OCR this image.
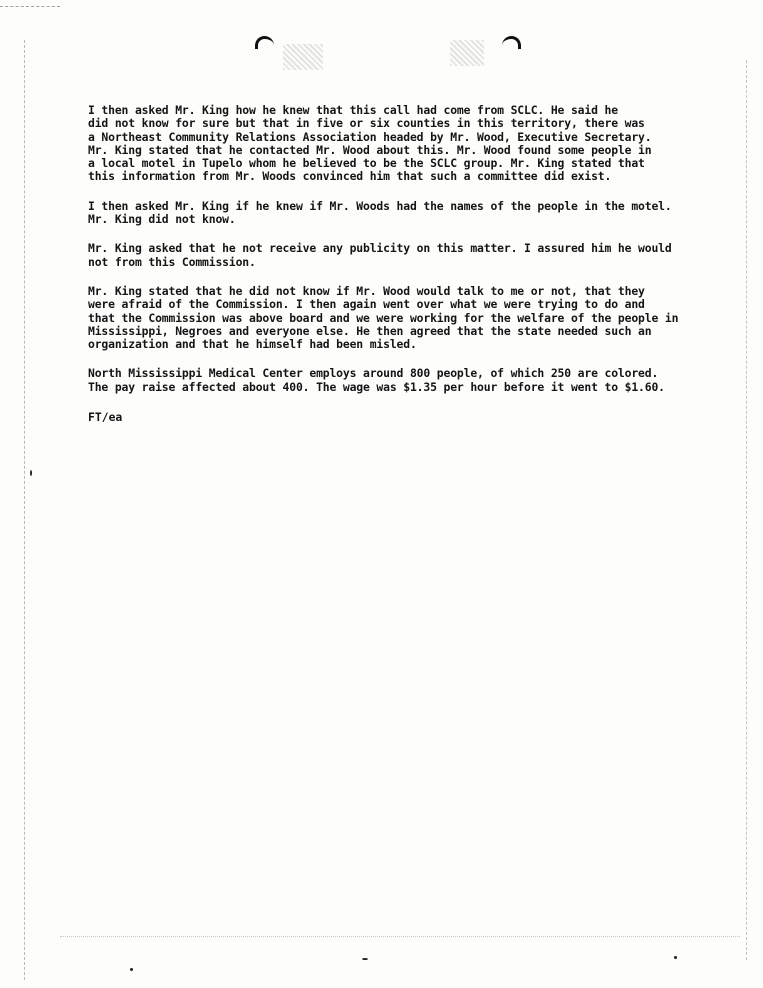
I then asked Mr. King how he knew that this call had come from SCLC. He said he
did not know for sure but that in five or six counties in this territory, there was
a Northeast Community Relations Association headed by Mr. Wood, Executive Secretary.
Mr. King stated that he contacted Mr. Wood about this. Mr. Wood found some people in
a local motel in Tupelo whom he believed to be the SCLC group. Mr. King stated that
this information from Mr. Woods convinced him that such a committee did exist.

I then asked Mr. King if he knew if Mr. Woods had the names of the people in the motel.
Mr. King did not know.

Mr. King asked that he not receive any publicity on this matter. I assured him he would
not from this Commission.

Mr. King stated that he did not know if Mr. Wood would talk to me or not, that they
were afraid of the Commission. I then again went over what we were trying to do and
that the Commission was above board and we were working for the welfare of the people in
Mississippi, Negroes and everyone else. He then agreed that the state needed such an
organization and that he himself had been misled.

North Mississippi Medical Center employs around 800 people, of which 250 are colored.
The pay raise affected about 400. The wage was $1.35 per hour before it went to $1.60.

FT/ea
